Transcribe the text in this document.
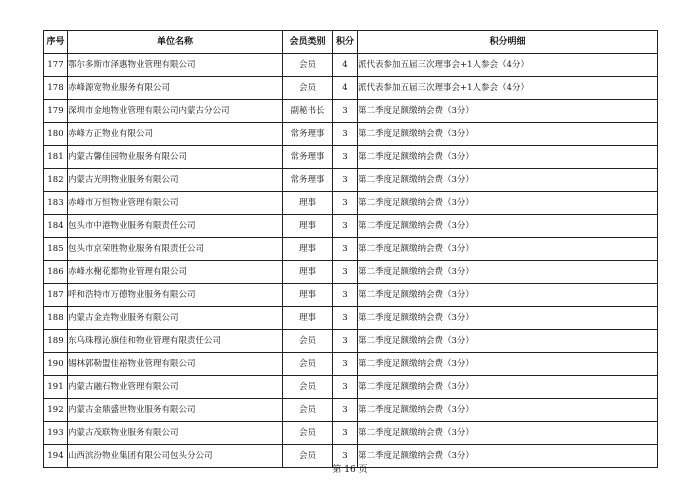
序号	单位名称	会员类别	积分	积分明细
177	鄂尔多斯市泽惠物业管理有限公司	会员	4	派代表参加五届三次理事会+1人参会（4分）
178	赤峰源宽物业服务有限公司	会员	4	派代表参加五届三次理事会+1人参会（4分）
179	深圳市金地物业管理有限公司内蒙古分公司	副秘书长	3	第二季度足额缴纳会费（3分）
180	赤峰方正物业有限公司	常务理事	3	第二季度足额缴纳会费（3分）
181	内蒙古馨佳园物业服务有限公司	常务理事	3	第二季度足额缴纳会费（3分）
182	内蒙古光明物业服务有限公司	常务理事	3	第二季度足额缴纳会费（3分）
183	赤峰市万恒物业管理有限公司	理事	3	第二季度足额缴纳会费（3分）
184	包头市中港物业服务有限责任公司	理事	3	第二季度足额缴纳会费（3分）
185	包头市京荣胜物业服务有限责任公司	理事	3	第二季度足额缴纳会费（3分）
186	赤峰水榭花都物业管理有限公司	理事	3	第二季度足额缴纳会费（3分）
187	呼和浩特市万德物业服务有限公司	理事	3	第二季度足额缴纳会费（3分）
188	内蒙古金垚物业服务有限公司	理事	3	第二季度足额缴纳会费（3分）
189	东乌珠穆沁旗佳和物业管理有限责任公司	会员	3	第二季度足额缴纳会费（3分）
190	锡林郭勒盟佳裕物业管理有限公司	会员	3	第二季度足额缴纳会费（3分）
191	内蒙古融石物业管理有限公司	会员	3	第二季度足额缴纳会费（3分）
192	内蒙古金鼎盛世物业服务有限公司	会员	3	第二季度足额缴纳会费（3分）
193	内蒙古茂联物业服务有限公司	会员	3	第二季度足额缴纳会费（3分）
194	山西滨汾物业集团有限公司包头分公司	会员	3	第二季度足额缴纳会费（3分）
第 16 页
